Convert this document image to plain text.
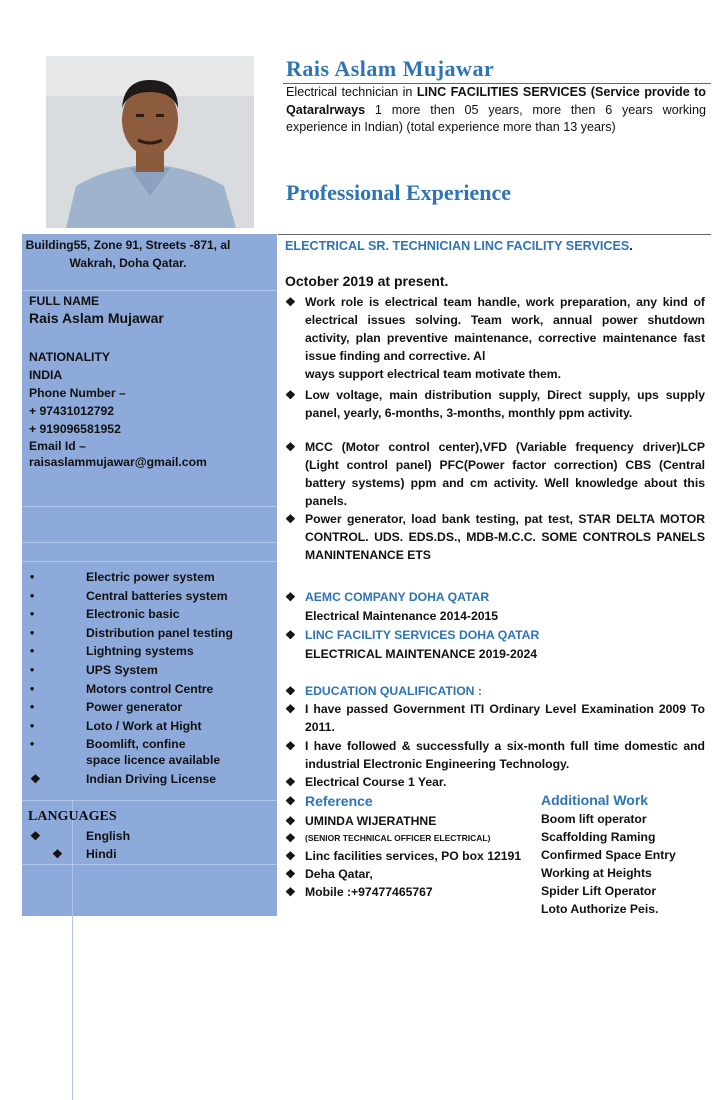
Rais Aslam Mujawar
Electrical technician in LINC FACILITIES SERVICES (Service provide to Qataralrways 1 more then 05 years, more then 6 years working experience in Indian) (total experience more than 13 years)
Professional Experience
Building55, Zone 91, Streets -871, al Wakrah, Doha Qatar.
FULL NAME
Rais Aslam Mujawar
NATIONALITY
INDIA
Phone Number –
+ 97431012792
+ 919096581952
Email Id –
raisaslammujawar@gmail.com
•	Electric power system
•	Central batteries system
•	Electronic basic
•	Distribution panel testing
•	Lightning systems
•	UPS System
•	Motors control Centre
•	Power generator
•	Loto / Work at Hight
•	Boomlift, confine
space licence available
❖	Indian Driving License
LANGUAGES
❖	English
❖ Hindi
ELECTRICAL SR. TECHNICIAN LINC FACILITY SERVICES.
October 2019 at present.
❖ Work role is electrical team handle, work preparation, any kind of electrical issues solving. Team work, annual power shutdown activity, plan preventive maintenance, corrective maintenance fast issue finding and corrective. Al
ways support electrical team motivate them.
❖ Low voltage, main distribution supply, Direct supply, ups supply panel, yearly, 6-months, 3-months, monthly ppm activity.
❖ MCC (Motor control center),VFD (Variable frequency driver)LCP (Light control panel) PFC(Power factor correction) CBS (Central battery systems) ppm and cm activity. Well knowledge about this panels.
❖ Power generator, load bank testing, pat test, STAR DELTA MOTOR CONTROL. UDS. EDS.DS., MDB-M.C.C. SOME CONTROLS PANELS MANINTENANCE ETS
❖ AEMC COMPANY DOHA QATAR
Electrical Maintenance 2014-2015
❖ LINC FACILITY SERVICES DOHA QATAR
ELECTRICAL MAINTENANCE 2019-2024
❖ EDUCATION QUALIFICATION :
❖ I have passed Government ITI Ordinary Level Examination 2009 To 2011.
❖ I have followed & successfully a six-month full time domestic and industrial Electronic Engineering Technology.
❖ Electrical Course 1 Year.
❖ Reference
❖ UMINDA WIJERATHNE
❖ (SENIOR TECHNICAL OFFICER ELECTRICAL)
❖ Linc facilities services, PO box 12191
❖ Deha Qatar,
❖ Mobile :+97477465767
Additional Work
Boom lift operator
Scaffolding Raming
Confirmed Space Entry
Working at Heights
Spider Lift Operator
Loto Authorize Peis.
